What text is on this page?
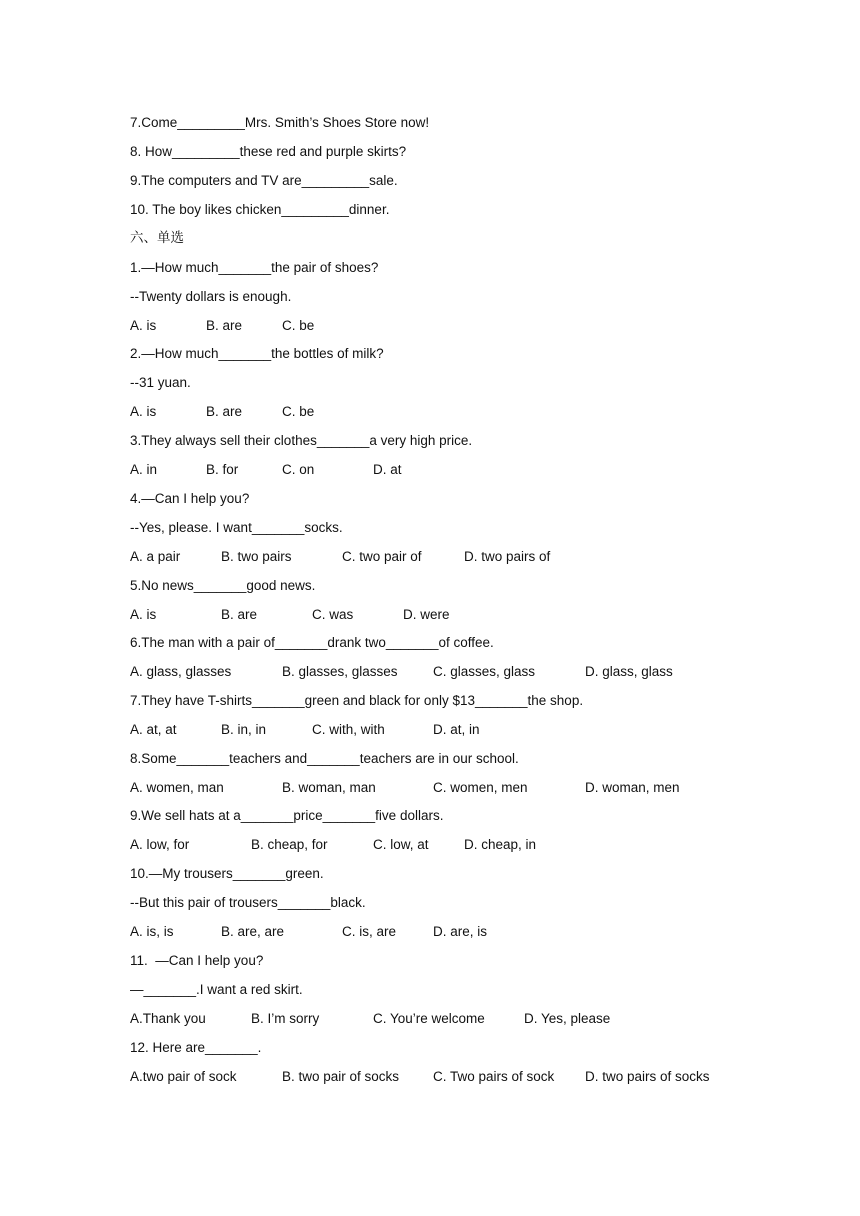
7.Come_________Mrs. Smith’s Shoes Store now!
8. How_________these red and purple skirts?
9.The computers and TV are_________sale.
10. The boy likes chicken_________dinner.
六、单选
1.—How much_______the pair of shoes?
--Twenty dollars is enough.
A. is	B. are	C. be
2.—How much_______the bottles of milk?
--31 yuan.
A. is	B. are	C. be
3.They always sell their clothes_______a very high price.
A. in	B. for	C. on	D. at
4.—Can I help you?
--Yes, please. I want_______socks.
A. a pair	B. two pairs	C. two pair of	D. two pairs of
5.No news_______good news.
A. is	B. are	C. was	D. were
6.The man with a pair of_______drank two_______of coffee.
A. glass, glasses	B. glasses, glasses	C. glasses, glass	D. glass, glass
7.They have T-shirts_______green and black for only $13_______the shop.
A. at, at	B. in, in	C. with, with	D. at, in
8.Some_______teachers and_______teachers are in our school.
A. women, man	B. woman, man	C. women, men	D. woman, men
9.We sell hats at a_______price_______five dollars.
A. low, for	B. cheap, for	C. low, at	D. cheap, in
10.—My trousers_______green.
--But this pair of trousers_______black.
A. is, is	B. are, are	C. is, are	D. are, is
11.  —Can I help you?
—_______.I want a red skirt.
A.Thank you	B. I’m sorry	C. You’re welcome	D. Yes, please
12. Here are_______.
A.two pair of sock	B. two pair of socks	C. Two pairs of sock D. two pairs of socks
